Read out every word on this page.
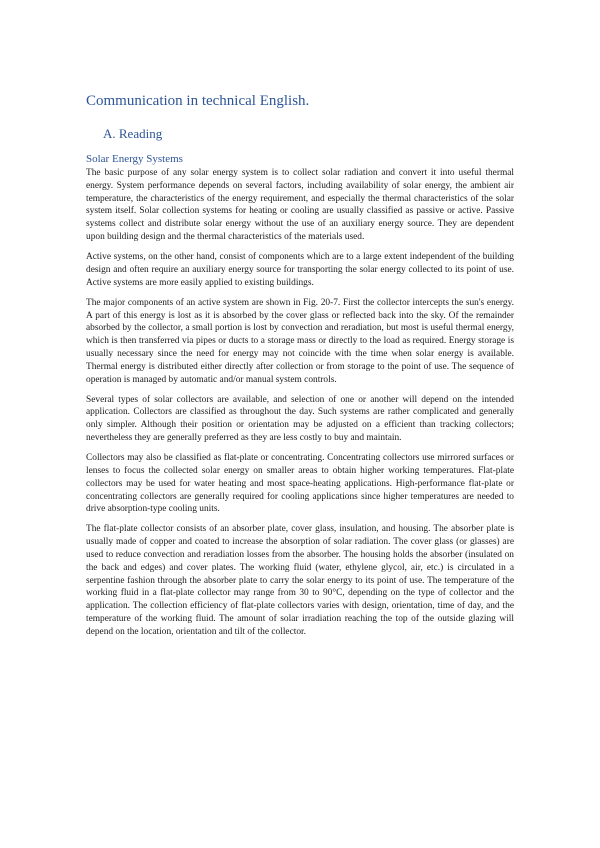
Communication in technical English.
A. Reading
Solar Energy Systems

The basic purpose of any solar energy system is to collect solar radiation and convert it into useful thermal energy. System performance depends on several factors, including availability of solar energy, the ambient air temperature, the characteristics of the energy requirement, and especially the thermal characteristics of the solar system itself. Solar collection systems for heating or cooling are usually classified as passive or active. Passive systems collect and distribute solar energy without the use of an auxiliary energy source. They are dependent upon building design and the thermal characteristics of the materials used.

Active systems, on the other hand, consist of components which are to a large extent independent of the building design and often require an auxiliary energy source for transporting the solar energy collected to its point of use. Active systems are more easily applied to existing buildings.

The major components of an active system are shown in Fig. 20-7. First the collector intercepts the sun's energy. A part of this energy is lost as it is absorbed by the cover glass or reflected back into the sky. Of the remainder absorbed by the collector, a small portion is lost by convection and reradiation, but most is useful thermal energy, which is then transferred via pipes or ducts to a storage mass or directly to the load as required. Energy storage is usually necessary since the need for energy may not coincide with the time when solar energy is available. Thermal energy is distributed either directly after collection or from storage to the point of use. The sequence of operation is managed by automatic and/or manual system controls.

Several types of solar collectors are available, and selection of one or another will depend on the intended application. Collectors are classified as throughout the day. Such systems are rather complicated and generally only simpler. Although their position or orientation may be adjusted on a efficient than tracking collectors; nevertheless they are generally preferred as they are less costly to buy and maintain.

Collectors may also be classified as flat-plate or concentrating. Concentrating collectors use mirrored surfaces or lenses to focus the collected solar energy on smaller areas to obtain higher working temperatures. Flat-plate collectors may be used for water heating and most space-heating applications. High-performance flat-plate or concentrating collectors are generally required for cooling applications since higher temperatures are needed to drive absorption-type cooling units.

The flat-plate collector consists of an absorber plate, cover glass, insulation, and housing. The absorber plate is usually made of copper and coated to increase the absorption of solar radiation. The cover glass (or glasses) are used to reduce convection and reradiation losses from the absorber. The housing holds the absorber (insulated on the back and edges) and cover plates. The working fluid (water, ethylene glycol, air, etc.) is circulated in a serpentine fashion through the absorber plate to carry the solar energy to its point of use. The temperature of the working fluid in a flat-plate collector may range from 30 to 90°C, depending on the type of collector and the application. The collection efficiency of flat-plate collectors varies with design, orientation, time of day, and the temperature of the working fluid. The amount of solar irradiation reaching the top of the outside glazing will depend on the location, orientation and tilt of the collector.
